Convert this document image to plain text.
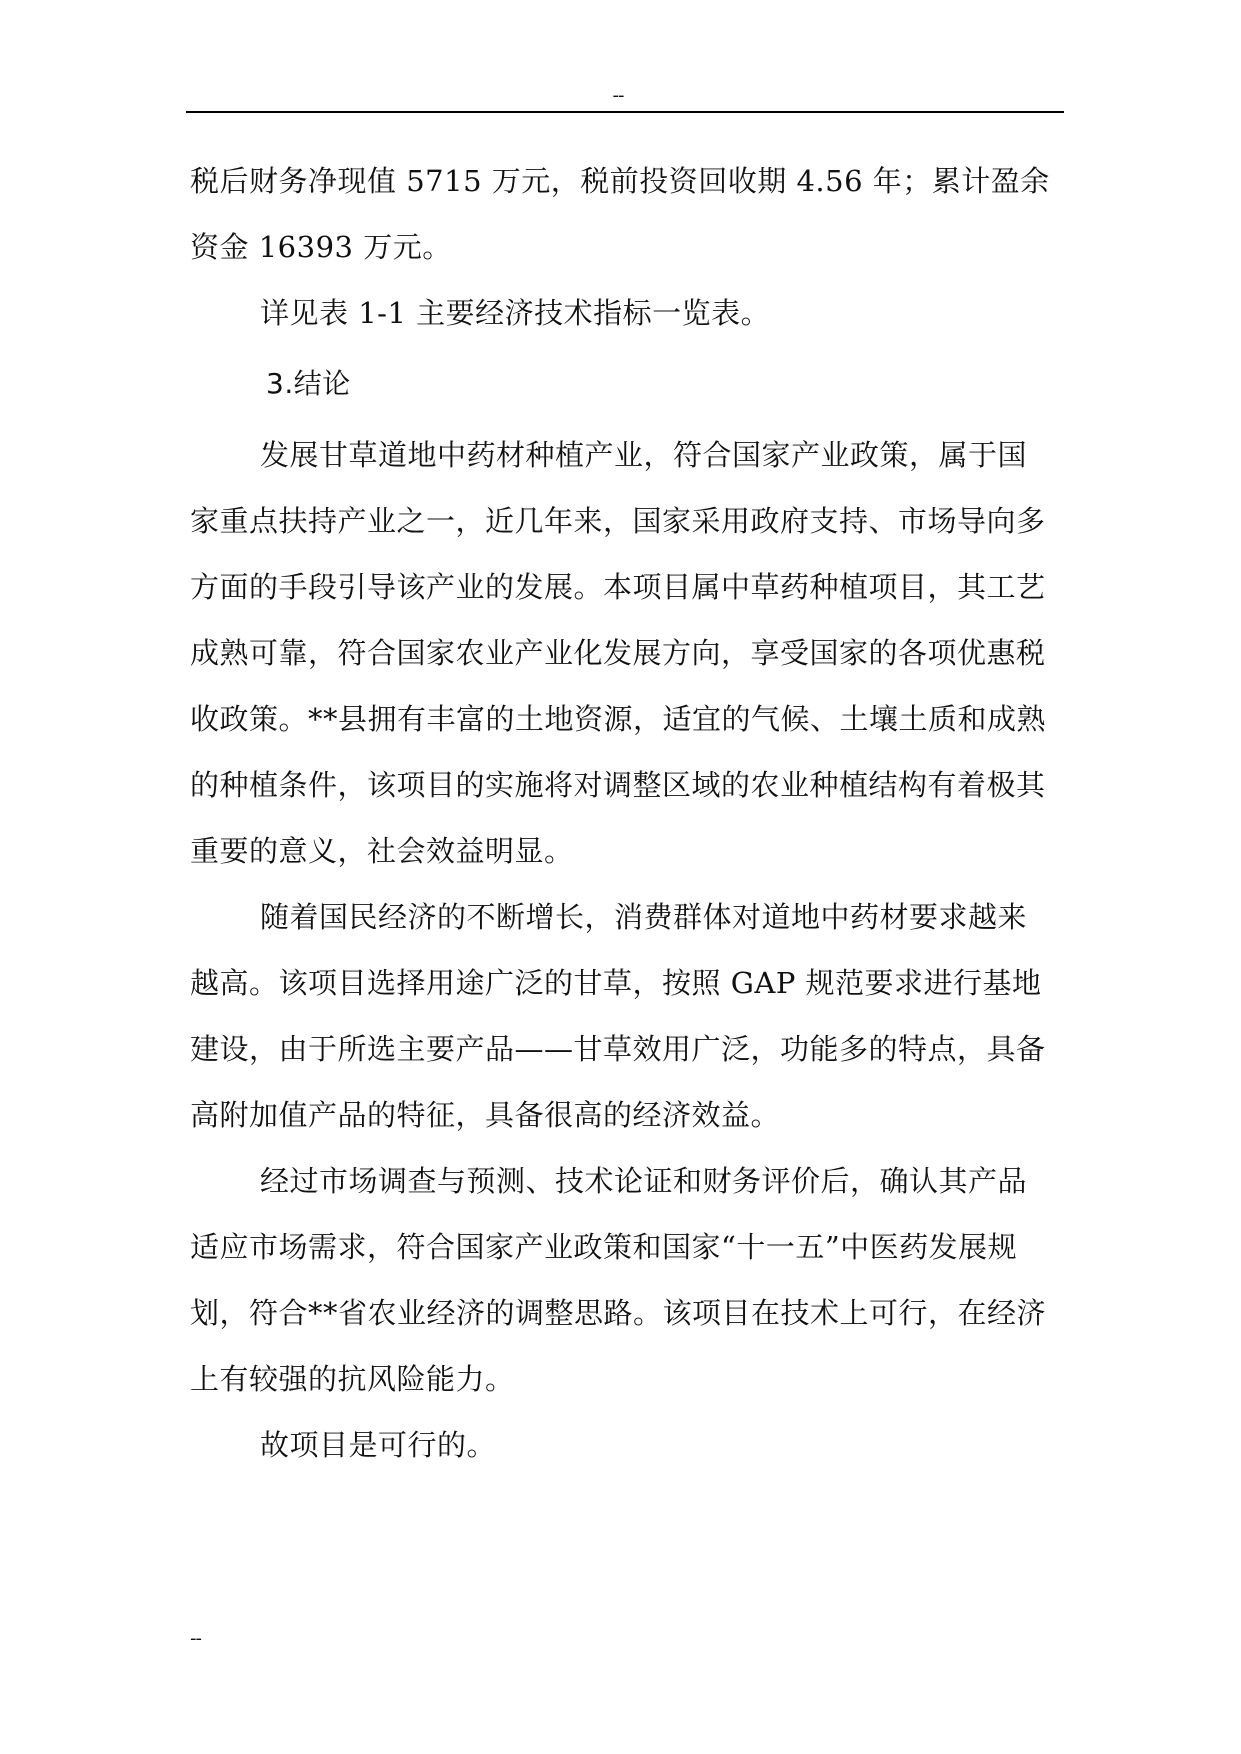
--

税后财务净现值 5715 万元，税前投资回收期 4.56 年；累计盈余资金 16393 万元。

详见表 1-1 主要经济技术指标一览表。

3.结论

发展甘草道地中药材种植产业，符合国家产业政策，属于国家重点扶持产业之一，近几年来，国家采用政府支持、市场导向多方面的手段引导该产业的发展。本项目属中草药种植项目，其工艺成熟可靠，符合国家农业产业化发展方向，享受国家的各项优惠税收政策。**县拥有丰富的土地资源，适宜的气候、土壤土质和成熟的种植条件，该项目的实施将对调整区域的农业种植结构有着极其重要的意义，社会效益明显。

随着国民经济的不断增长，消费群体对道地中药材要求越来越高。该项目选择用途广泛的甘草，按照 GAP 规范要求进行基地建设，由于所选主要产品——甘草效用广泛，功能多的特点，具备高附加值产品的特征，具备很高的经济效益。

经过市场调查与预测、技术论证和财务评价后，确认其产品适应市场需求，符合国家产业政策和国家“十一五”中医药发展规划，符合**省农业经济的调整思路。该项目在技术上可行，在经济上有较强的抗风险能力。

故项目是可行的。

--
